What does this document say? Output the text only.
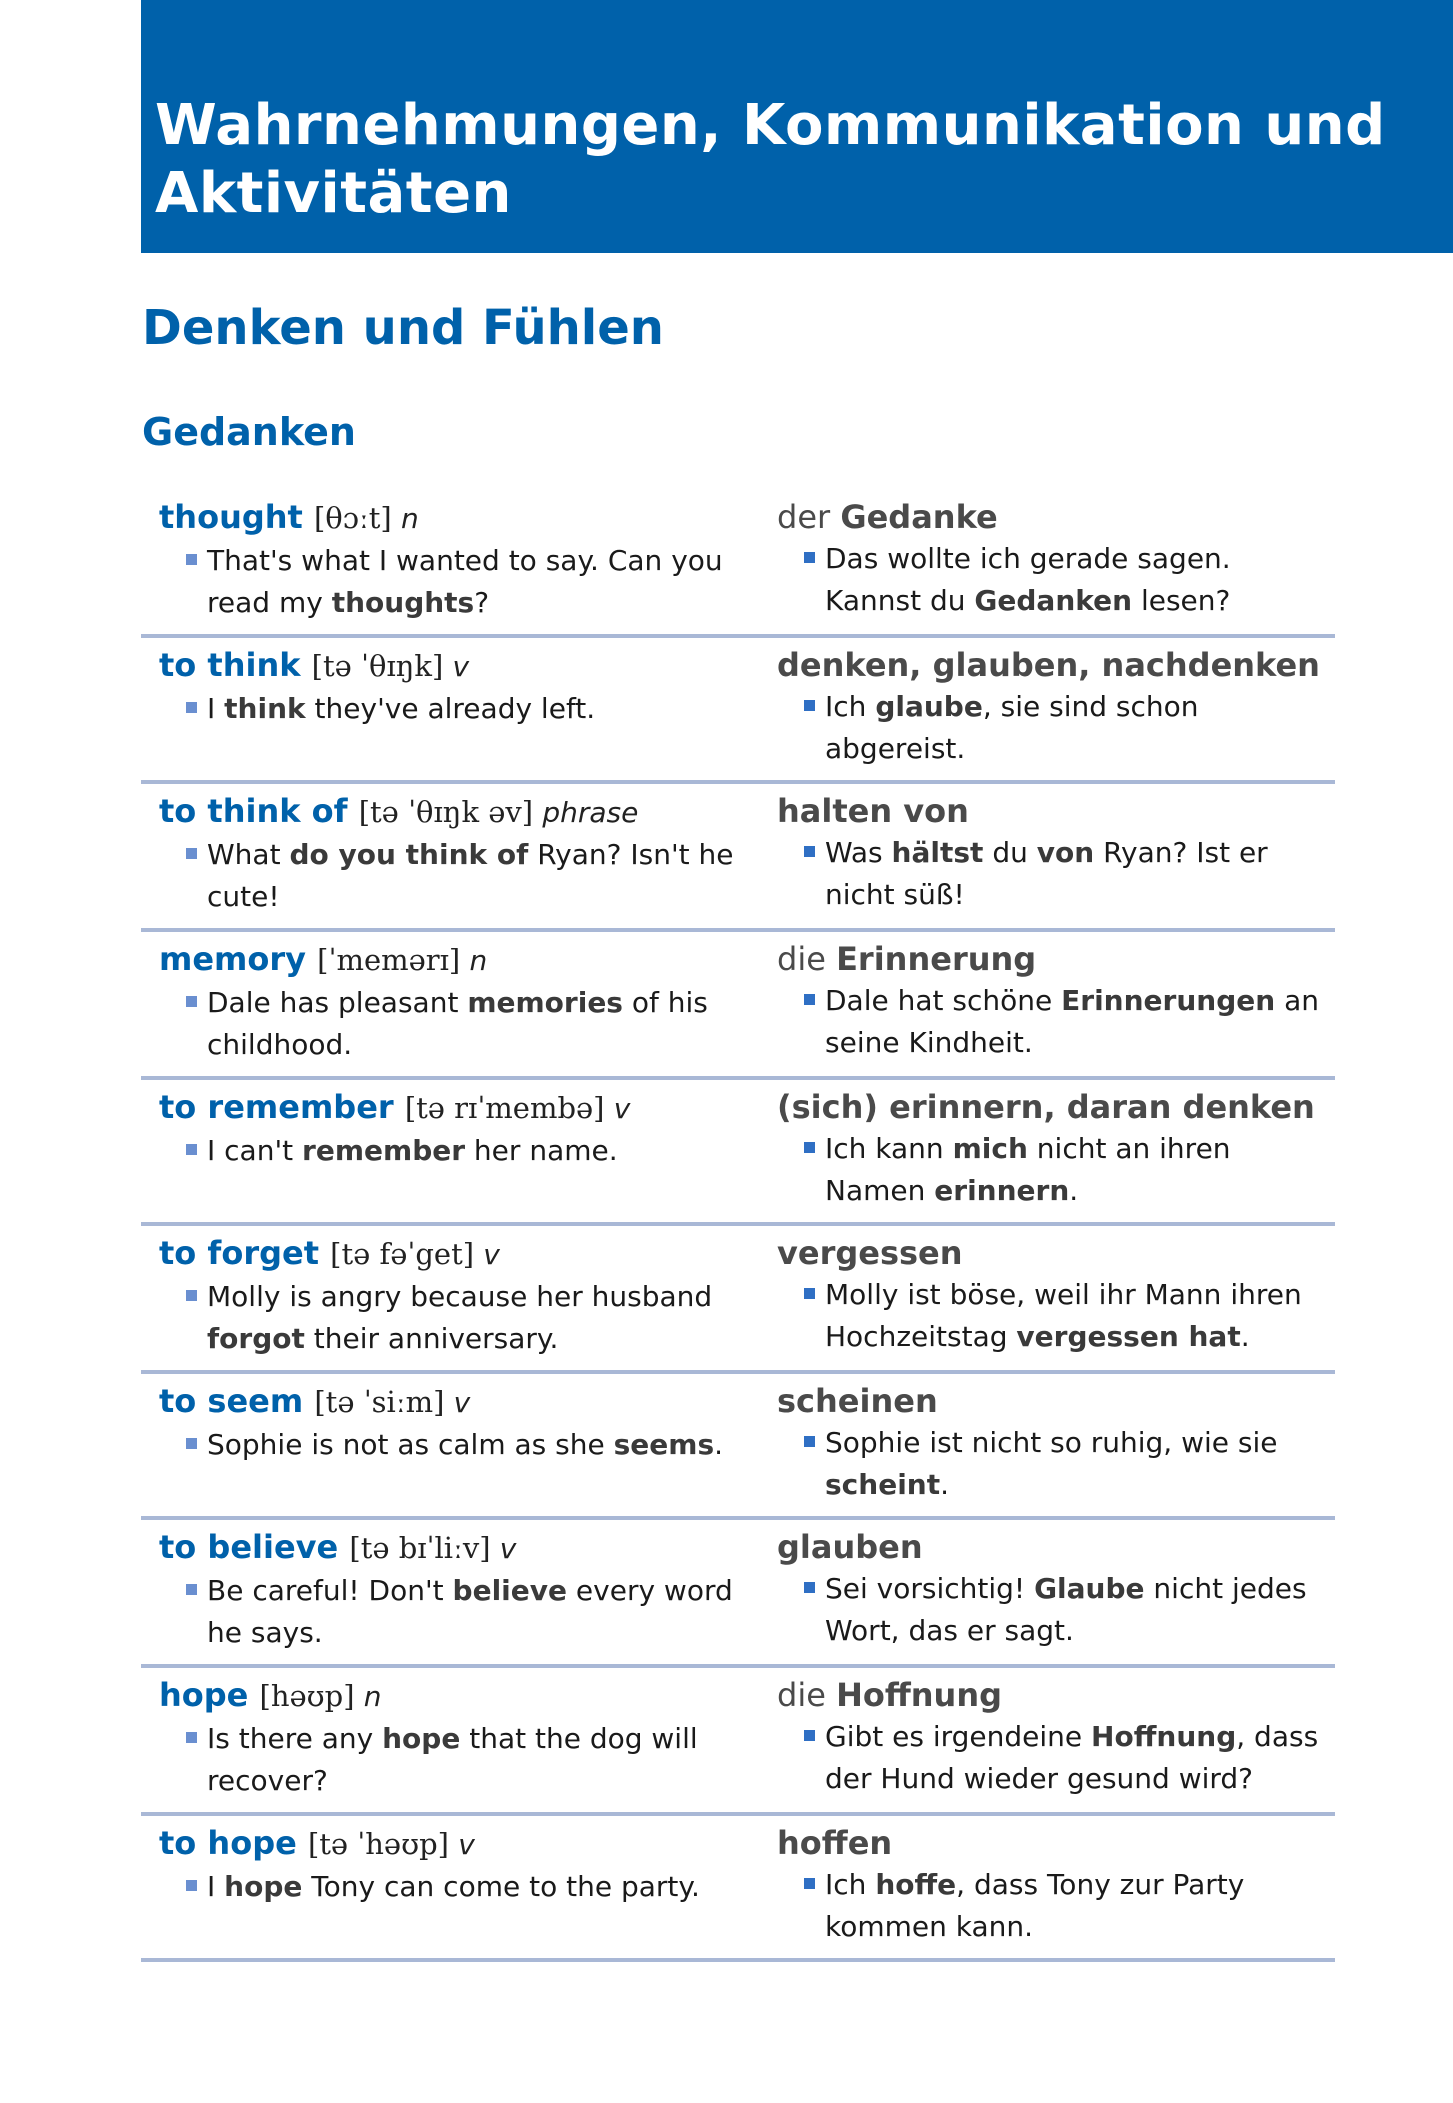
Wahrnehmungen, Kommunikation und Aktivitäten
Denken und Fühlen
Gedanken
thought [θɔːt] n
That's what I wanted to say. Can you read my thoughts?
der Gedanke
Das wollte ich gerade sagen. Kannst du Gedanken lesen?
to think [tə ˈθɪŋk] v
I think they've already left.
denken, glauben, nachdenken
Ich glaube, sie sind schon abgereist.
to think of [tə ˈθɪŋk əv] phrase
What do you think of Ryan? Isn't he cute!
halten von
Was hältst du von Ryan? Ist er nicht süß!
memory [ˈmemərɪ] n
Dale has pleasant memories of his childhood.
die Erinnerung
Dale hat schöne Erinnerungen an seine Kindheit.
to remember [tə rɪˈmembə] v
I can't remember her name.
(sich) erinnern, daran denken
Ich kann mich nicht an ihren Namen erinnern.
to forget [tə fəˈget] v
Molly is angry because her husband forgot their anniversary.
vergessen
Molly ist böse, weil ihr Mann ihren Hochzeitstag vergessen hat.
to seem [tə ˈsiːm] v
Sophie is not as calm as she seems.
scheinen
Sophie ist nicht so ruhig, wie sie scheint.
to believe [tə bɪˈliːv] v
Be careful! Don't believe every word he says.
glauben
Sei vorsichtig! Glaube nicht jedes Wort, das er sagt.
hope [həʊp] n
Is there any hope that the dog will recover?
die Hoffnung
Gibt es irgendeine Hoffnung, dass der Hund wieder gesund wird?
to hope [tə ˈhəʊp] v
I hope Tony can come to the party.
hoffen
Ich hoffe, dass Tony zur Party kommen kann.
